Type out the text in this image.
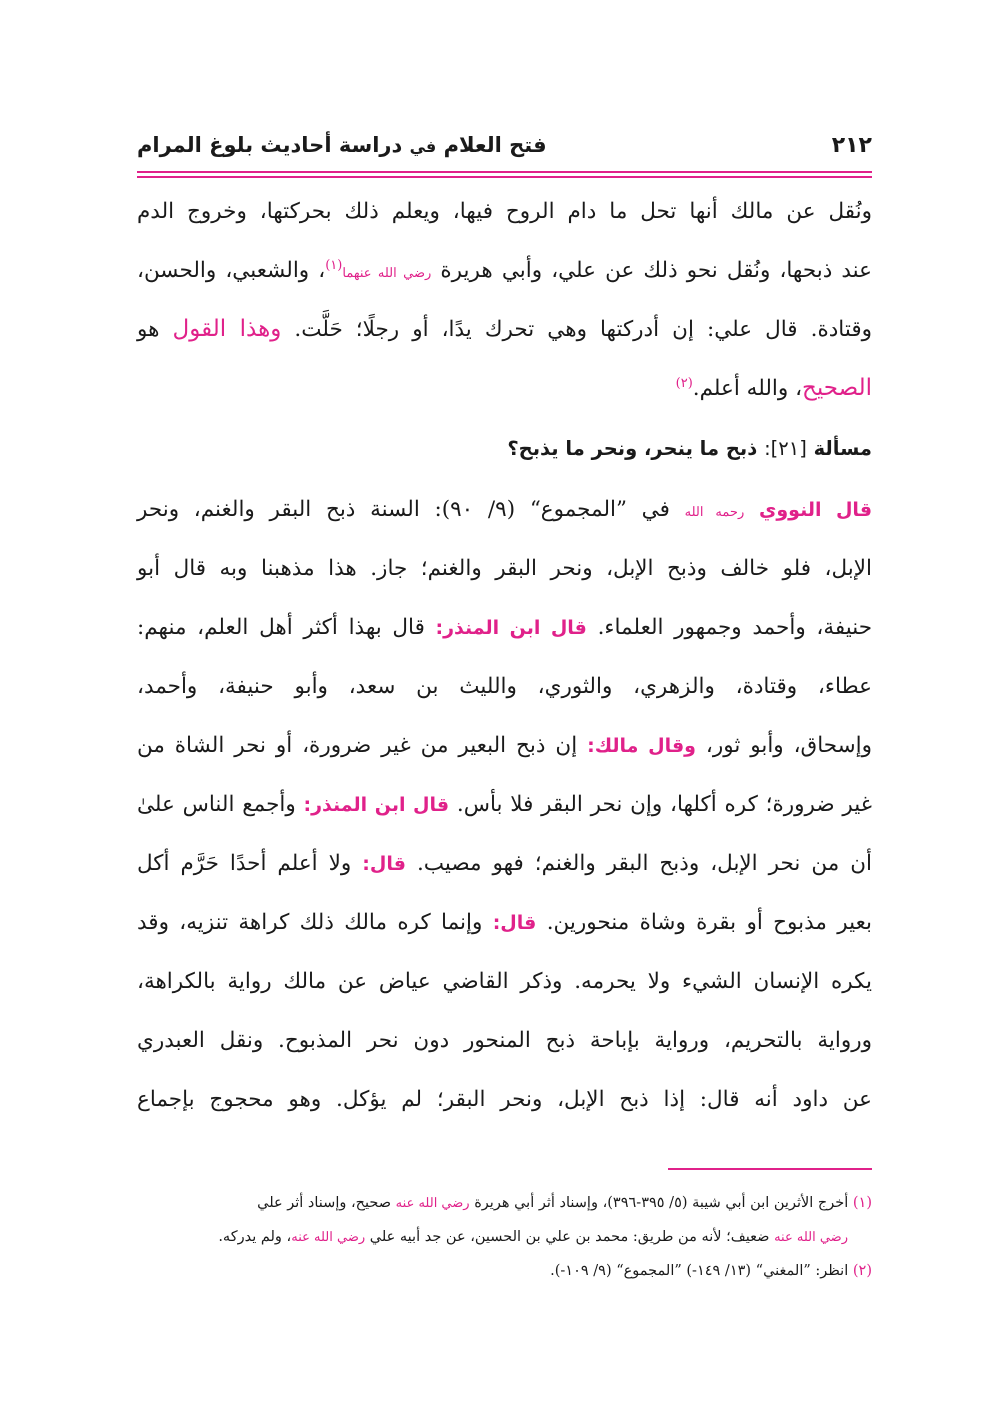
٢١٢
فتح العلام في دراسة أحاديث بلوغ المرام
ونُقل عن مالك أنها تحل ما دام الروح فيها، ويعلم ذلك بحركتها، وخروج الدم
عند ذبحها، ونُقل نحو ذلك عن علي، وأبي هريرة رضي الله عنهما$^{(١)}$، والشعبي، والحسن،
وقتادة. قال علي: إن أدركتها وهي تحرك يدًا، أو رجلًا؛ حَلَّت. وهذا القول هو
الصحيح، والله أعلم.$^{(٢)}$
مسألة [٢١]: ذبح ما ينحر، ونحر ما يذبح؟
قال النووي رحمه الله في ”المجموع“ (٩/ ٩٠): السنة ذبح البقر والغنم، ونحر
الإبل، فلو خالف وذبح الإبل، ونحر البقر والغنم؛ جاز. هذا مذهبنا وبه قال أبو
حنيفة، وأحمد وجمهور العلماء. قال ابن المنذر: قال بهذا أكثر أهل العلم، منهم:
عطاء، وقتادة، والزهري، والثوري، والليث بن سعد، وأبو حنيفة، وأحمد،
وإسحاق، وأبو ثور، وقال مالك: إن ذبح البعير من غير ضرورة، أو نحر الشاة من
غير ضرورة؛ كره أكلها، وإن نحر البقر فلا بأس. قال ابن المنذر: وأجمع الناس علىٰ
أن من نحر الإبل، وذبح البقر والغنم؛ فهو مصيب. قال: ولا أعلم أحدًا حَرَّم أكل
بعير مذبوح أو بقرة وشاة منحورين. قال: وإنما كره مالك ذلك كراهة تنزيه، وقد
يكره الإنسان الشيء ولا يحرمه. وذكر القاضي عياض عن مالك رواية بالكراهة،
ورواية بالتحريم، ورواية بإباحة ذبح المنحور دون نحر المذبوح. ونقل العبدري
عن داود أنه قال: إذا ذبح الإبل، ونحر البقر؛ لم يؤكل. وهو محجوج بإجماع
(١) أخرج الأثرين ابن أبي شيبة (٥/ ٣٩٥-٣٩٦)، وإسناد أثر أبي هريرة رضي الله عنه صحيح، وإسناد أثر علي
رضي الله عنه ضعيف؛ لأنه من طريق: محمد بن علي بن الحسين، عن جد أبيه علي رضي الله عنه، ولم يدركه.
(٢) انظر: ”المغني“ (١٣/ ١٤٩-) ”المجموع“ (٩/ ١٠٩-).
